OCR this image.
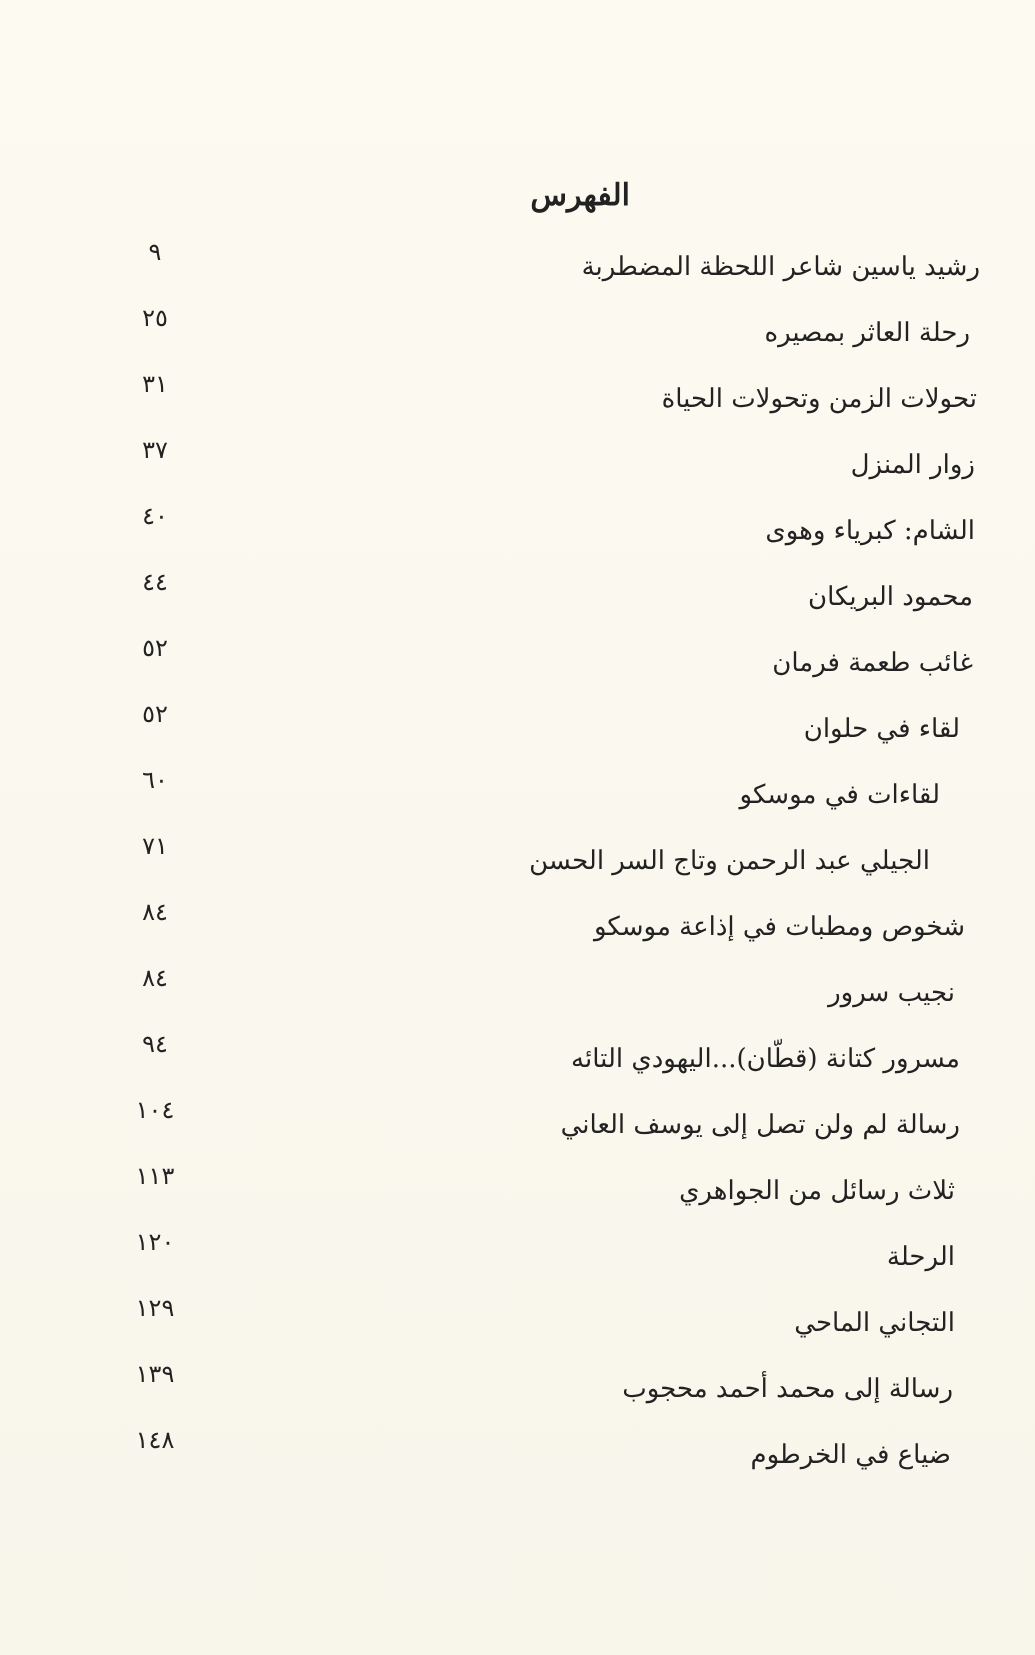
الفهرس
رشيد ياسين شاعر اللحظة المضطربة
٩
رحلة العاثر بمصيره
٢٥
تحولات الزمن وتحولات الحياة
٣١
زوار المنزل
٣٧
الشام: كبرياء وهوى
٤٠
محمود البريكان
٤٤
غائب طعمة فرمان
٥٢
لقاء في حلوان
٥٢
لقاءات في موسكو
٦٠
الجيلي عبد الرحمن وتاج السر الحسن
٧١
شخوص ومطبات في إذاعة موسكو
٨٤
نجيب سرور
٨٤
مسرور كتانة (قطّان)...اليهودي التائه
٩٤
رسالة لم ولن تصل إلى يوسف العاني
١٠٤
ثلاث رسائل من الجواهري
١١٣
الرحلة
١٢٠
التجاني الماحي
١٢٩
رسالة إلى محمد أحمد محجوب
١٣٩
ضياع في الخرطوم
١٤٨
